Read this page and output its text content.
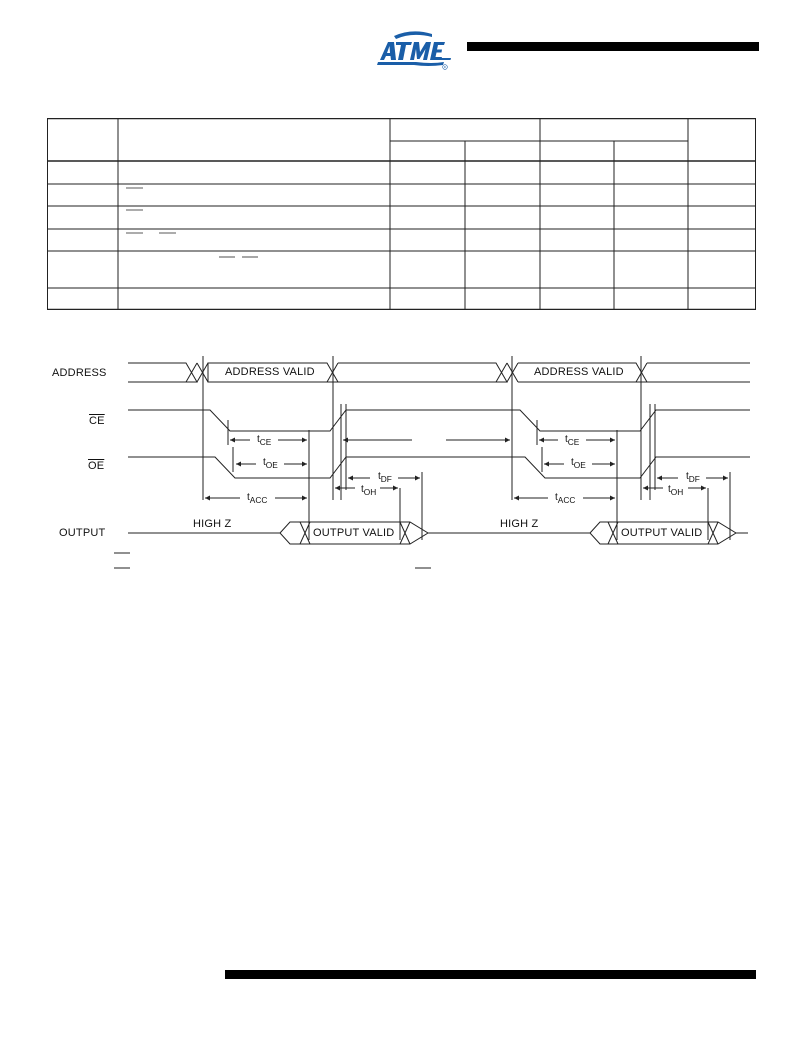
R
ADDRESS
$\overline{CE}$
$\overline{OE}$
OUTPUT
ADDRESS VALID	ADDRESS VALID
HIGH Z	HIGH Z
OUTPUT VALID	OUTPUT VALID
$t_{CE}$
$t_{OE}$
$t_{ACC}$
$t_{DF}$
$t_{OH}$
$t_{CE}$
$t_{OE}$
$t_{ACC}$
$t_{DF}$
$t_{OH}$
